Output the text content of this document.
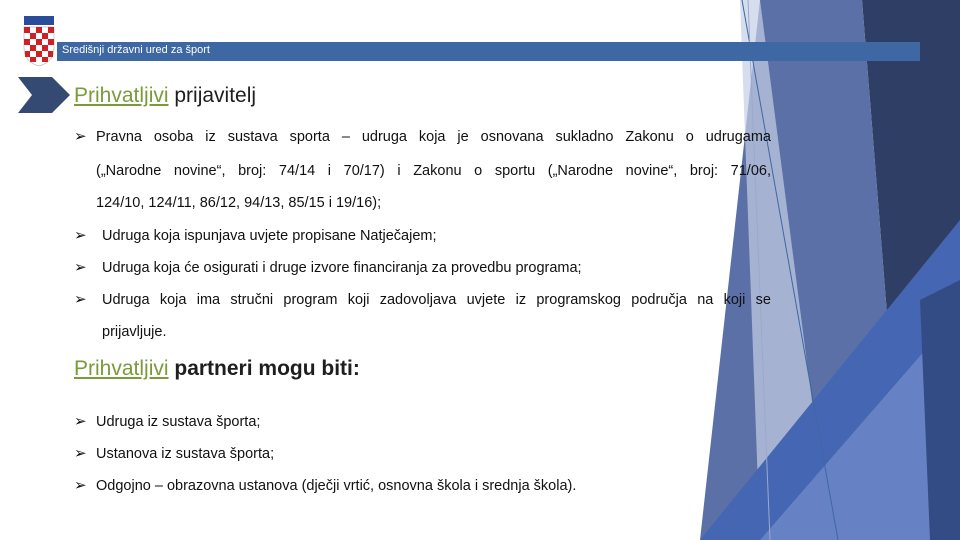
Središnji državni ured za šport
Prihvatljivi prijavitelj
➢ Pravna osoba iz sustava sporta – udruga koja je osnovana sukladno Zakonu o udrugama
(„Narodne novine“, broj: 74/14 i 70/17) i Zakonu o sportu („Narodne novine“, broj: 71/06,
124/10, 124/11, 86/12, 94/13, 85/15 i 19/16);
➢ Udruga koja ispunjava uvjete propisane Natječajem;
➢ Udruga koja će osigurati i druge izvore financiranja za provedbu programa;
➢ Udruga koja ima stručni program koji zadovoljava uvjete iz programskog područja na koji se
prijavljuje.
Prihvatljivi partneri mogu biti:
➢ Udruga iz sustava športa;
➢ Ustanova iz sustava športa;
➢ Odgojno – obrazovna ustanova (dječji vrtić, osnovna škola i srednja škola).
